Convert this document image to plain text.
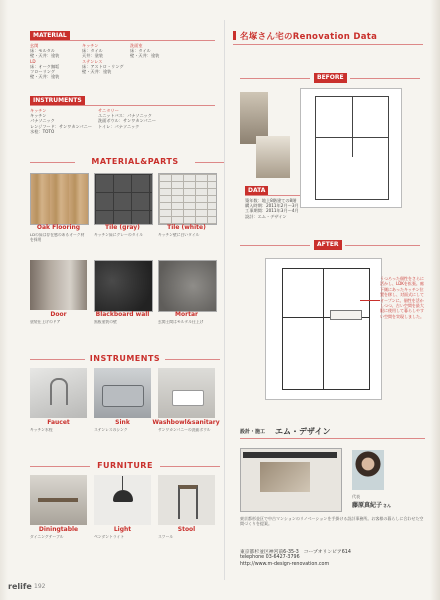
MATERIAL
玄関
床：モルタル
壁・天井：塗装
LD
床：オーク無垢
フローリング
壁・天井：塗装
キッチン
床：タイル
天井：塗装
ステンレス
床：アストロ・リング
壁・天井：塗装
洗面室
床：タイル
壁・天井：塗装
INSTRUMENTS
キッチン
キッチン
パナソニック
レンジフード：サンワカンパニー
水栓：TOTO
サニタリー
ユニットバス：パナソニック
洗面ボウル：サンワカンパニー
トイレ：パナソニック
MATERIAL&PARTS
Oak Flooring	Tile (gray)	Tile (white)
LDの床は存在感のあるオーク材を採用
キッチン床にグレーのタイル	キッチン壁に白いタイル
Door	Blackboard wall	Mortar
塗装仕上げのドア	黒板塗装の壁	玄関土間はモルタル仕上げ
INSTRUMENTS
Faucet	Sink	Washbowl&sanitary
キッチン水栓	ステンレスのシンク	サンワカンパニーの洗面ボウル
FURNITURE
Diningtable	Light	Stool
ダイニングテーブル	ペンダントライト	スツール
relife 192
名塚さん宅のRenovation Data
BEFORE
DATA
築年数：地上8階建ての8階
購入時期：2011年2月〜3月
工事期間：2011年3月〜4月
設計：エム・デザイン
AFTER
うつろった個性をさらに活かし、LDKを拡張。廊下側にあったキッチン位置を移し、対面式にしてオープンに。個性を活かしつつ、古い空間を最大限に使用して暮らしやすい空間を実現しました。
設計・施工 エム・デザイン
代表
藤原真紀子さん
東京都杉並区で中古マンションのリノベーションを手掛ける設計事務所。お客様の暮らしに合わせた空間づくりを提案。
東京都杉並区神宮前6-35-3　コープオリンピア614
telephone 03-6427-3796
http://www.m-design-renovation.com
